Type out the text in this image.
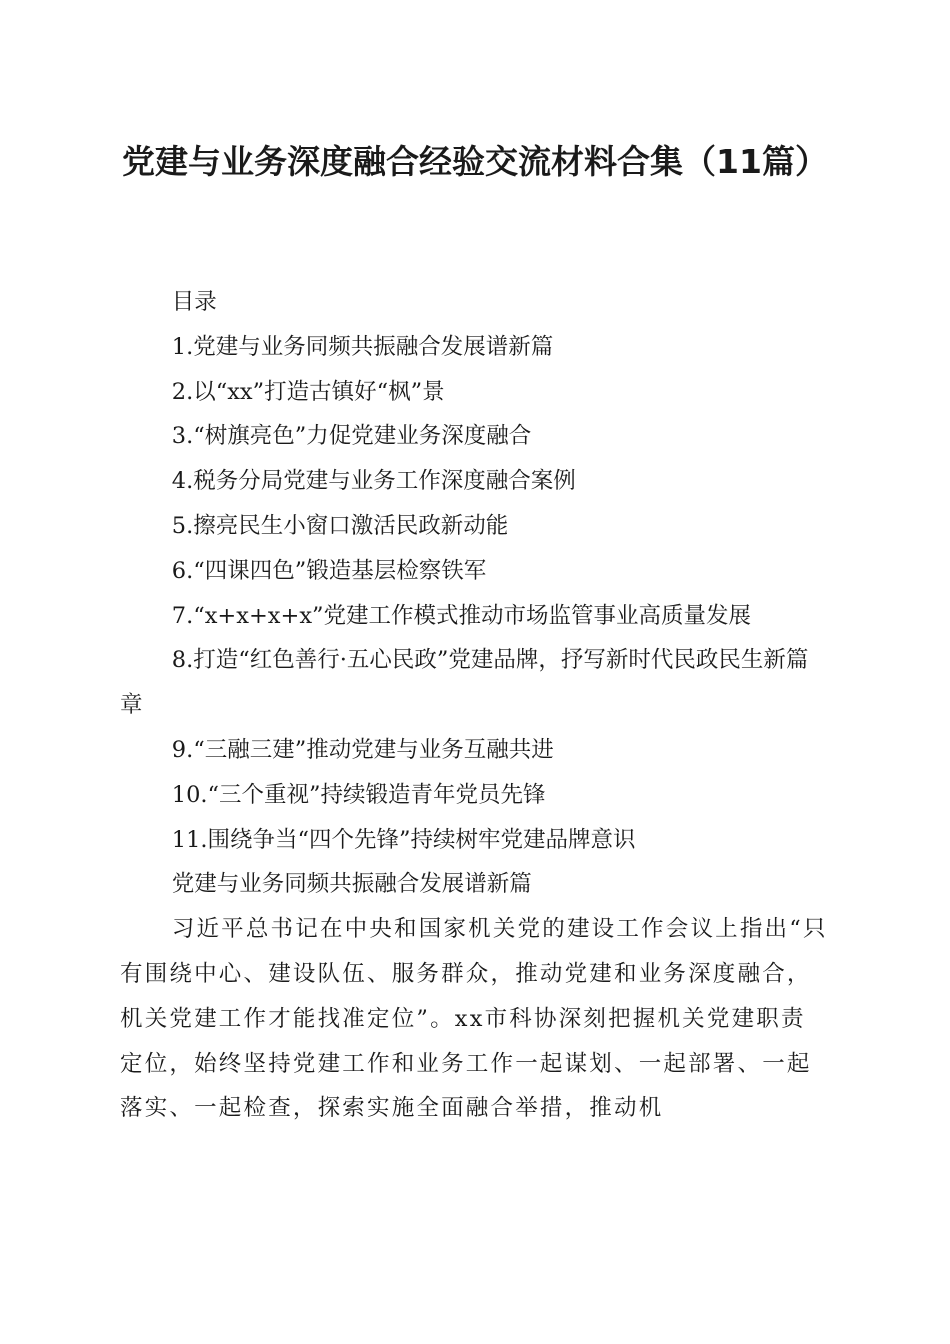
党建与业务深度融合经验交流材料合集（11篇）

目录

1.党建与业务同频共振融合发展谱新篇
2.以“xx”打造古镇好“枫”景
3.“树旗亮色”力促党建业务深度融合
4.税务分局党建与业务工作深度融合案例
5.擦亮民生小窗口激活民政新动能
6.“四课四色”锻造基层检察铁军
7.“x+x+x+x”党建工作模式推动市场监管事业高质量发展
8.打造“红色善行·五心民政”党建品牌，抒写新时代民政民生新篇章
9.“三融三建”推动党建与业务互融共进
10.“三个重视”持续锻造青年党员先锋
11.围绕争当“四个先锋”持续树牢党建品牌意识

党建与业务同频共振融合发展谱新篇

习近平总书记在中央和国家机关党的建设工作会议上指出“只有围绕中心、建设队伍、服务群众，推动党建和业务深度融合，机关党建工作才能找准定位”。xx市科协深刻把握机关党建职责定位，始终坚持党建工作和业务工作一起谋划、一起部署、一起落实、一起检查，探索实施全面融合举措，推动机
